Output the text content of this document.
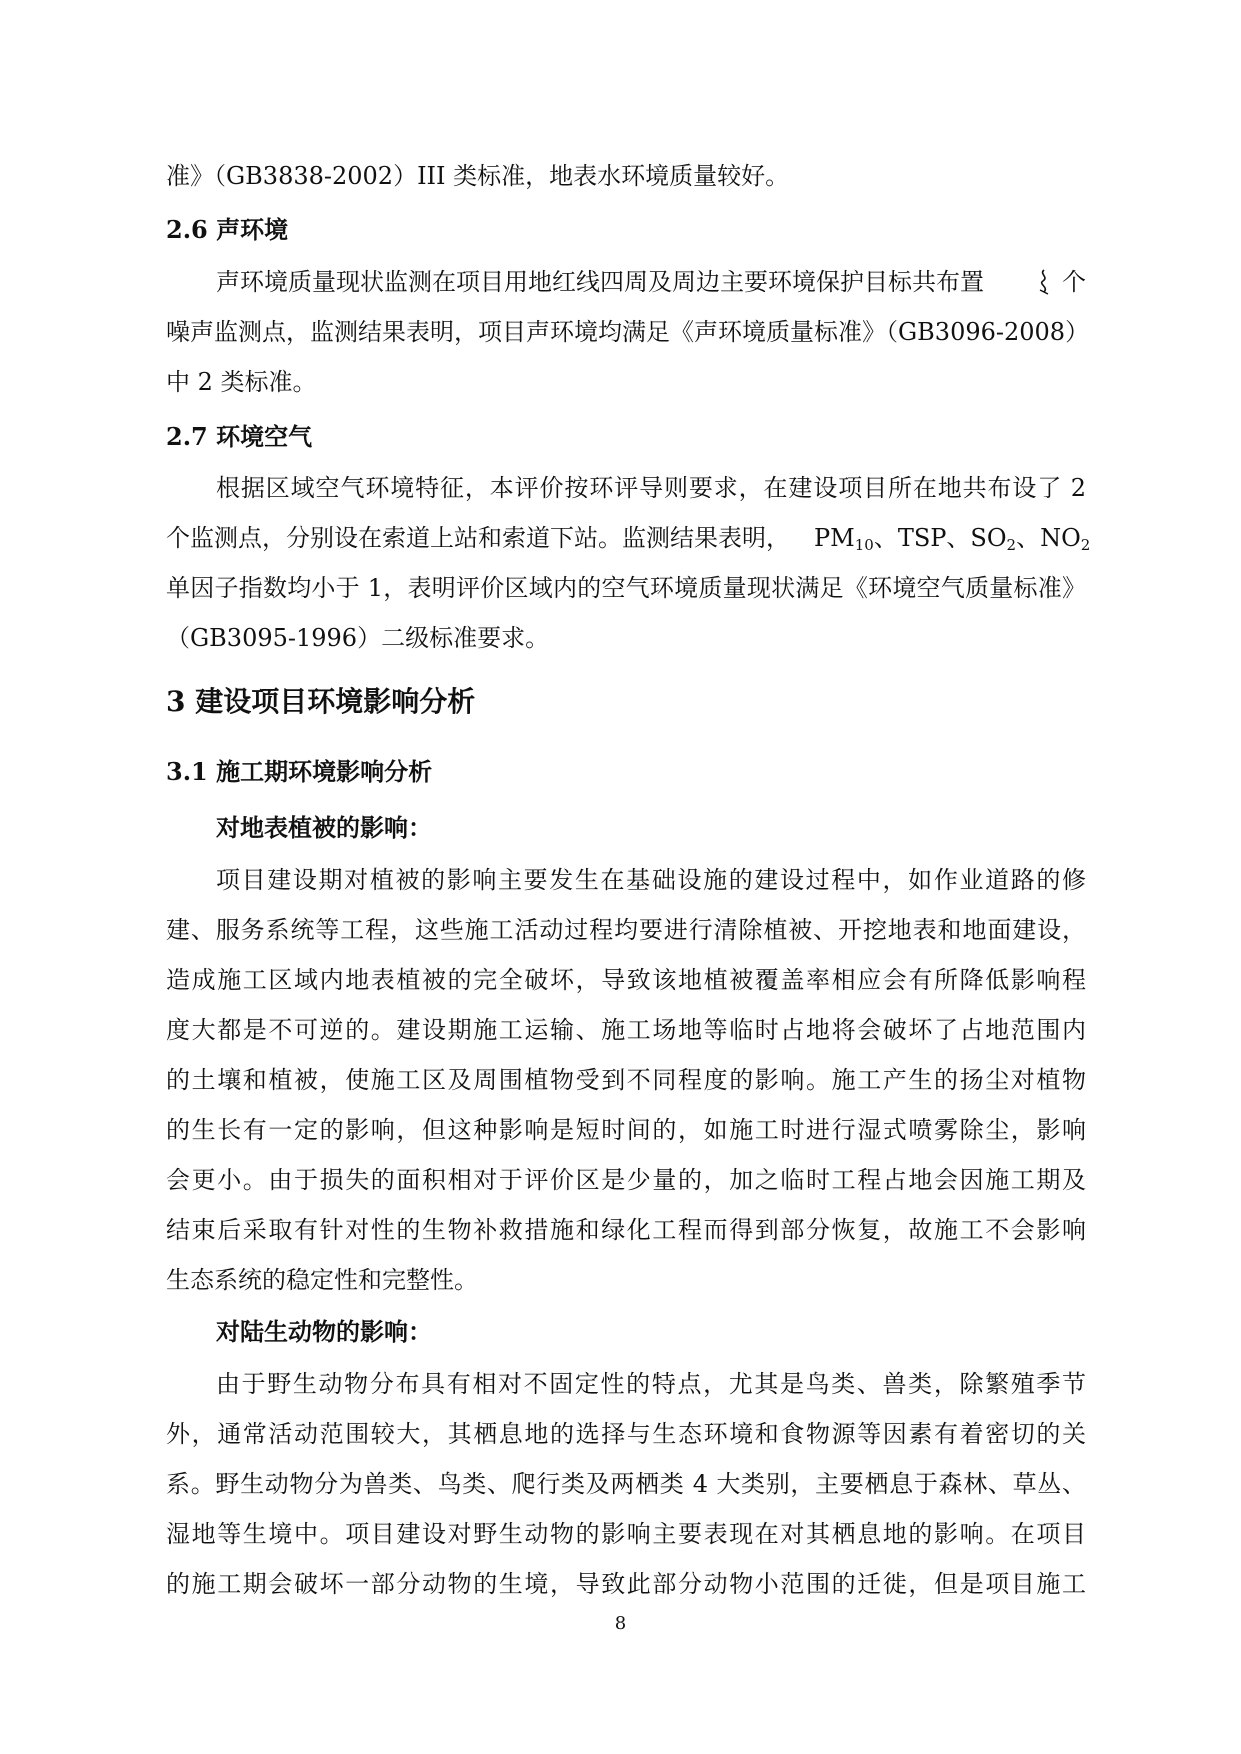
准》（GB3838-2002）III 类标准，地表水环境质量较好。
2.6 声环境
声环境质量现状监测在项目用地红线四周及周边主要环境保护目标共布置	个
噪声监测点，监测结果表明，项目声环境均满足《声环境质量标准》（GB3096-2008）
中 2 类标准。
2.7 环境空气
根据区域空气环境特征，本评价按环评导则要求，在建设项目所在地共布设了 2
个监测点，分别设在索道上站和索道下站。监测结果表明， $PM_{10}$、TSP、$SO_2$、$NO_2$
单因子指数均小于 1，表明评价区域内的空气环境质量现状满足《环境空气质量标准》
（GB3095-1996）二级标准要求。
3 建设项目环境影响分析
3.1 施工期环境影响分析
对地表植被的影响：
项目建设期对植被的影响主要发生在基础设施的建设过程中，如作业道路的修
建、服务系统等工程，这些施工活动过程均要进行清除植被、开挖地表和地面建设，
造成施工区域内地表植被的完全破坏，导致该地植被覆盖率相应会有所降低影响程
度大都是不可逆的。建设期施工运输、施工场地等临时占地将会破坏了占地范围内
的土壤和植被，使施工区及周围植物受到不同程度的影响。施工产生的扬尘对植物
的生长有一定的影响，但这种影响是短时间的，如施工时进行湿式喷雾除尘，影响
会更小。由于损失的面积相对于评价区是少量的，加之临时工程占地会因施工期及
结束后采取有针对性的生物补救措施和绿化工程而得到部分恢复，故施工不会影响
生态系统的稳定性和完整性。
对陆生动物的影响：
由于野生动物分布具有相对不固定性的特点，尤其是鸟类、兽类，除繁殖季节
外，通常活动范围较大，其栖息地的选择与生态环境和食物源等因素有着密切的关
系。野生动物分为兽类、鸟类、爬行类及两栖类 4 大类别，主要栖息于森林、草丛、
湿地等生境中。项目建设对野生动物的影响主要表现在对其栖息地的影响。在项目
的施工期会破坏一部分动物的生境，导致此部分动物小范围的迁徙，但是项目施工
8
